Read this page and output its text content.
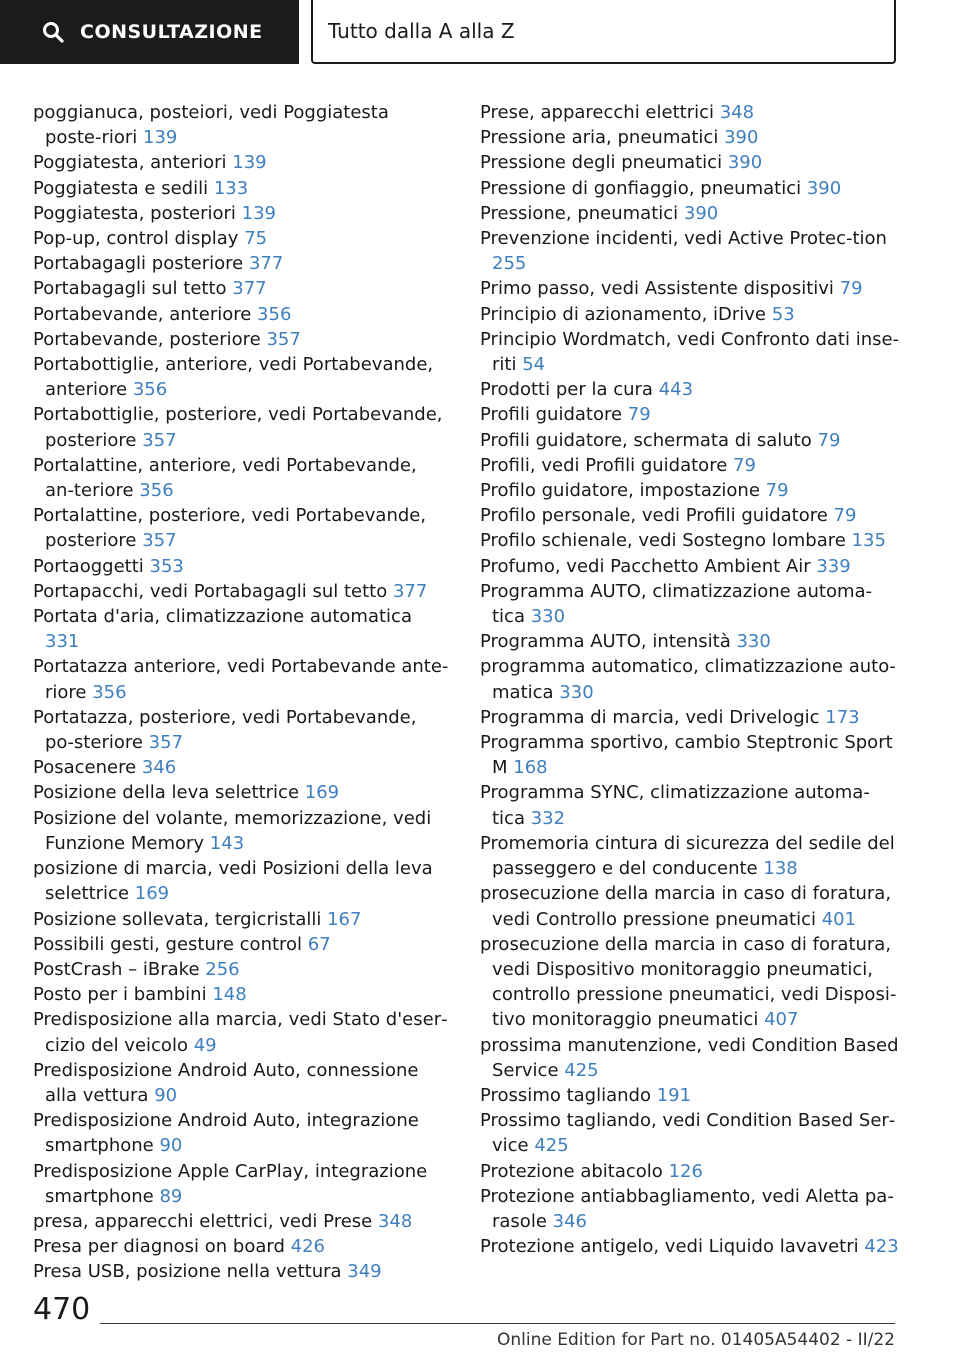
CONSULTAZIONE	Tutto dalla A alla Z
poggianuca, posteiori, vedi Poggiatesta poste‐riori 139
Poggiatesta, anteriori 139
Poggiatesta e sedili 133
Poggiatesta, posteriori 139
Pop-up, control display 75
Portabagagli posteriore 377
Portabagagli sul tetto 377
Portabevande, anteriore 356
Portabevande, posteriore 357
Portabottiglie, anteriore, vedi Portabevande, anteriore 356
Portabottiglie, posteriore, vedi Portabevande, posteriore 357
Portalattine, anteriore, vedi Portabevande, an‐teriore 356
Portalattine, posteriore, vedi Portabevande, posteriore 357
Portaoggetti 353
Portapacchi, vedi Portabagagli sul tetto 377
Portata d'aria, climatizzazione automatica 331
Portatazza anteriore, vedi Portabevande ante‐riore 356
Portatazza, posteriore, vedi Portabevande, po‐steriore 357
Posacenere 346
Posizione della leva selettrice 169
Posizione del volante, memorizzazione, vedi Funzione Memory 143
posizione di marcia, vedi Posizioni della leva selettrice 169
Posizione sollevata, tergicristalli 167
Possibili gesti, gesture control 67
PostCrash – iBrake 256
Posto per i bambini 148
Predisposizione alla marcia, vedi Stato d'eser‐cizio del veicolo 49
Predisposizione Android Auto, connessione alla vettura 90
Predisposizione Android Auto, integrazione smartphone 90
Predisposizione Apple CarPlay, integrazione smartphone 89
presa, apparecchi elettrici, vedi Prese 348
Presa per diagnosi on board 426
Presa USB, posizione nella vettura 349
Prese, apparecchi elettrici 348
Pressione aria, pneumatici 390
Pressione degli pneumatici 390
Pressione di gonfiaggio, pneumatici 390
Pressione, pneumatici 390
Prevenzione incidenti, vedi Active Protec‐tion 255
Primo passo, vedi Assistente dispositivi 79
Principio di azionamento, iDrive 53
Principio Wordmatch, vedi Confronto dati inse‐riti 54
Prodotti per la cura 443
Profili guidatore 79
Profili guidatore, schermata di saluto 79
Profili, vedi Profili guidatore 79
Profilo guidatore, impostazione 79
Profilo personale, vedi Profili guidatore 79
Profilo schienale, vedi Sostegno lombare 135
Profumo, vedi Pacchetto Ambient Air 339
Programma AUTO, climatizzazione automa‐tica 330
Programma AUTO, intensità 330
programma automatico, climatizzazione auto‐matica 330
Programma di marcia, vedi Drivelogic 173
Programma sportivo, cambio Steptronic Sport M 168
Programma SYNC, climatizzazione automa‐tica 332
Promemoria cintura di sicurezza del sedile del passeggero e del conducente 138
prosecuzione della marcia in caso di foratura, vedi Controllo pressione pneumatici 401
prosecuzione della marcia in caso di foratura, vedi Dispositivo monitoraggio pneumatici, controllo pressione pneumatici, vedi Disposi‐tivo monitoraggio pneumatici 407
prossima manutenzione, vedi Condition Based Service 425
Prossimo tagliando 191
Prossimo tagliando, vedi Condition Based Ser‐vice 425
Protezione abitacolo 126
Protezione antiabbagliamento, vedi Aletta pa‐rasole 346
Protezione antigelo, vedi Liquido lavavetri 423
470
Online Edition for Part no. 01405A54402 - II/22
